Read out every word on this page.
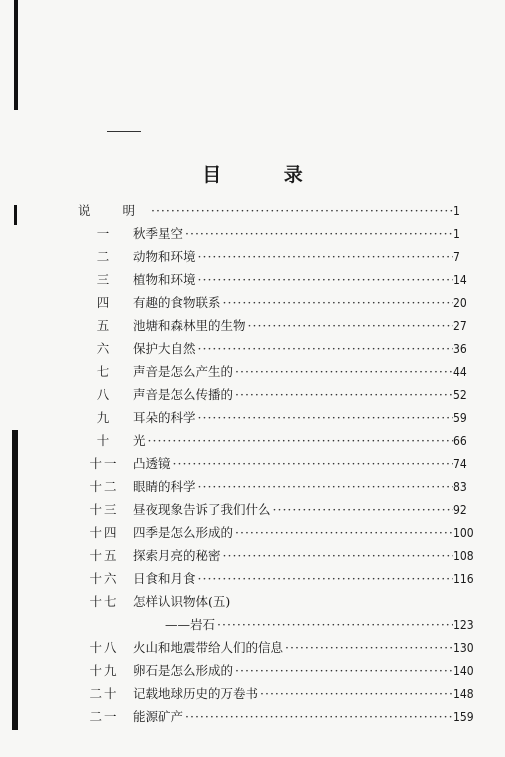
目 录
说 明 ·····	1
一	秋季星空 ·····	1
二	动物和环境 ·····	7
三	植物和环境 ·····	14
四	有趣的食物联系 ·····	20
五	池塘和森林里的生物 ·····	27
六	保护大自然 ·····	36
七	声音是怎么产生的 ·····	44
八	声音是怎么传播的 ·····	52
九	耳朵的科学 ·····	59
十	光 ·····	66
十一	凸透镜 ·····	74
十二	眼睛的科学 ·····	83
十三	昼夜现象告诉了我们什么 ·····	92
十四	四季是怎么形成的 ·····	100
十五	探索月亮的秘密 ·····	108
十六	日食和月食 ·····	116
十七	怎样认识物体(五)
——岩石 ·····	123
十八	火山和地震带给人们的信息 ·····	130
十九	卵石是怎么形成的 ·····	140
二十	记载地球历史的万卷书 ·····	148
二一	能源矿产 ·····	159
